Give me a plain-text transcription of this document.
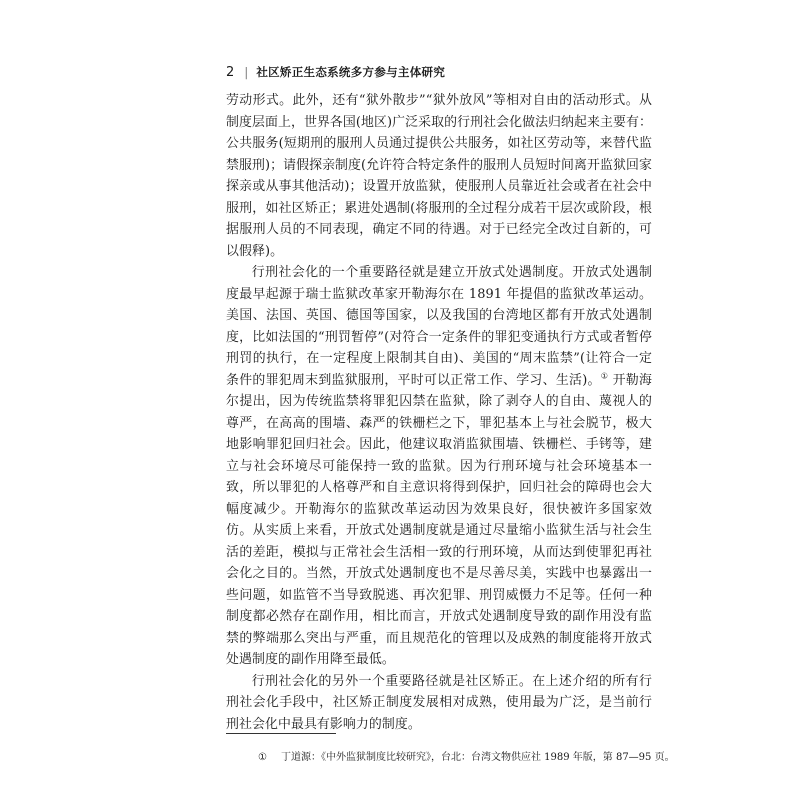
2 | 社区矫正生态系统多方参与主体研究

劳动形式。此外，还有“狱外散步”“狱外放风”等相对自由的活动形式。从制度层面上，世界各国(地区)广泛采取的行刑社会化做法归纳起来主要有：公共服务(短期刑的服刑人员通过提供公共服务，如社区劳动等，来替代监禁服刑)；请假探亲制度(允许符合特定条件的服刑人员短时间离开监狱回家探亲或从事其他活动)；设置开放监狱，使服刑人员靠近社会或者在社会中服刑，如社区矫正；累进处遇制(将服刑的全过程分成若干层次或阶段，根据服刑人员的不同表现，确定不同的待遇。对于已经完全改过自新的，可以假释)。

行刑社会化的一个重要路径就是建立开放式处遇制度。开放式处遇制度最早起源于瑞士监狱改革家开勒海尔在 1891 年提倡的监狱改革运动。美国、法国、英国、德国等国家，以及我国的台湾地区都有开放式处遇制度，比如法国的“刑罚暂停”(对符合一定条件的罪犯变通执行方式或者暂停刑罚的执行，在一定程度上限制其自由)、美国的“周末监禁”(让符合一定条件的罪犯周末到监狱服刑，平时可以正常工作、学习、生活)。① 开勒海尔提出，因为传统监禁将罪犯囚禁在监狱，除了剥夺人的自由、蔑视人的尊严，在高高的围墙、森严的铁栅栏之下，罪犯基本上与社会脱节，极大地影响罪犯回归社会。因此，他建议取消监狱围墙、铁栅栏、手铐等，建立与社会环境尽可能保持一致的监狱。因为行刑环境与社会环境基本一致，所以罪犯的人格尊严和自主意识将得到保护，回归社会的障碍也会大幅度减少。开勒海尔的监狱改革运动因为效果良好，很快被许多国家效仿。从实质上来看，开放式处遇制度就是通过尽量缩小监狱生活与社会生活的差距，模拟与正常社会生活相一致的行刑环境，从而达到使罪犯再社会化之目的。当然，开放式处遇制度也不是尽善尽美，实践中也暴露出一些问题，如监管不当导致脱逃、再次犯罪、刑罚威慑力不足等。任何一种制度都必然存在副作用，相比而言，开放式处遇制度导致的副作用没有监禁的弊端那么突出与严重，而且规范化的管理以及成熟的制度能将开放式处遇制度的副作用降至最低。

行刑社会化的另外一个重要路径就是社区矫正。在上述介绍的所有行刑社会化手段中，社区矫正制度发展相对成熟，使用最为广泛，是当前行刑社会化中最具有影响力的制度。

① 丁道源：《中外监狱制度比较研究》，台北：台湾文物供应社 1989 年版，第 87—95 页。
